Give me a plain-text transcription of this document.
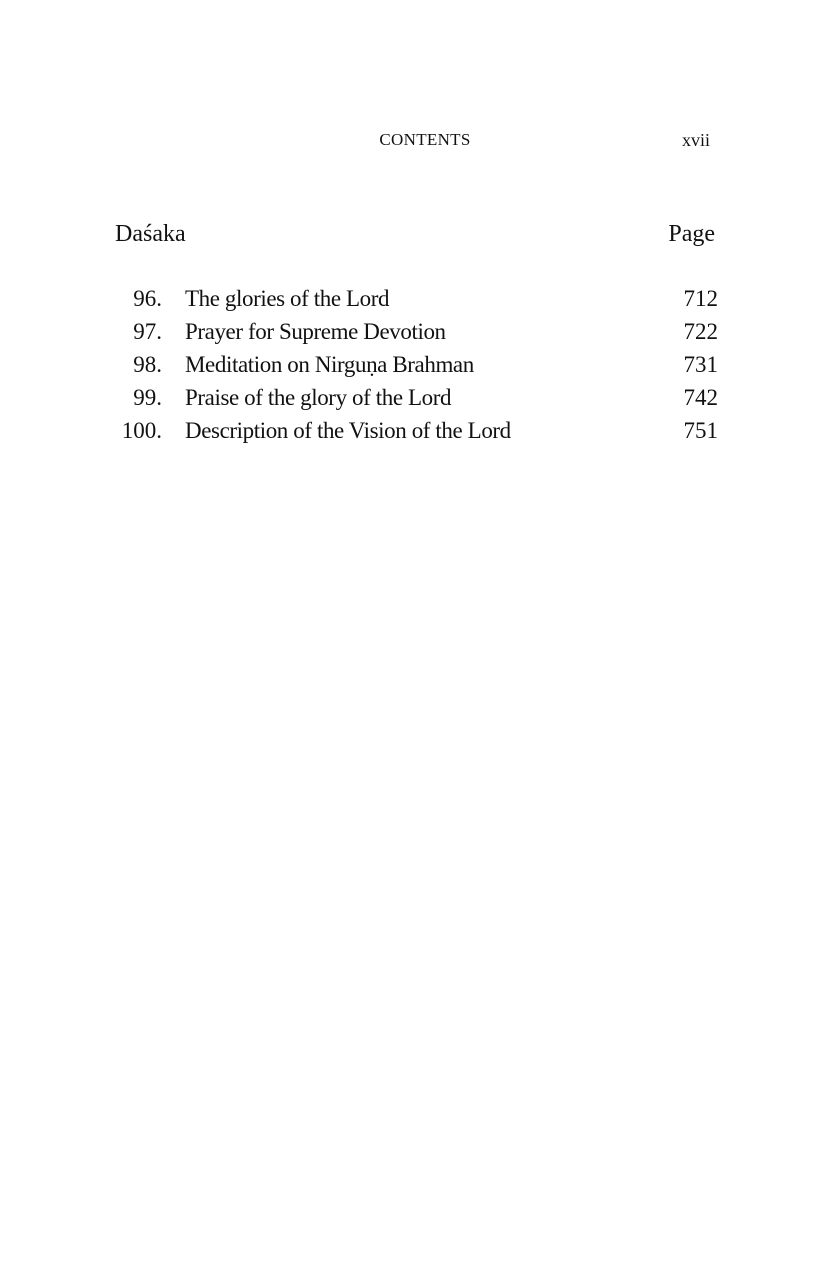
CONTENTS	xvii
Daśaka	Page
96. The glories of the Lord	712
97. Prayer for Supreme Devotion	722
98. Meditation on Nirguṇa Brahman	731
99. Praise of the glory of the Lord	742
100. Description of the Vision of the Lord	751
